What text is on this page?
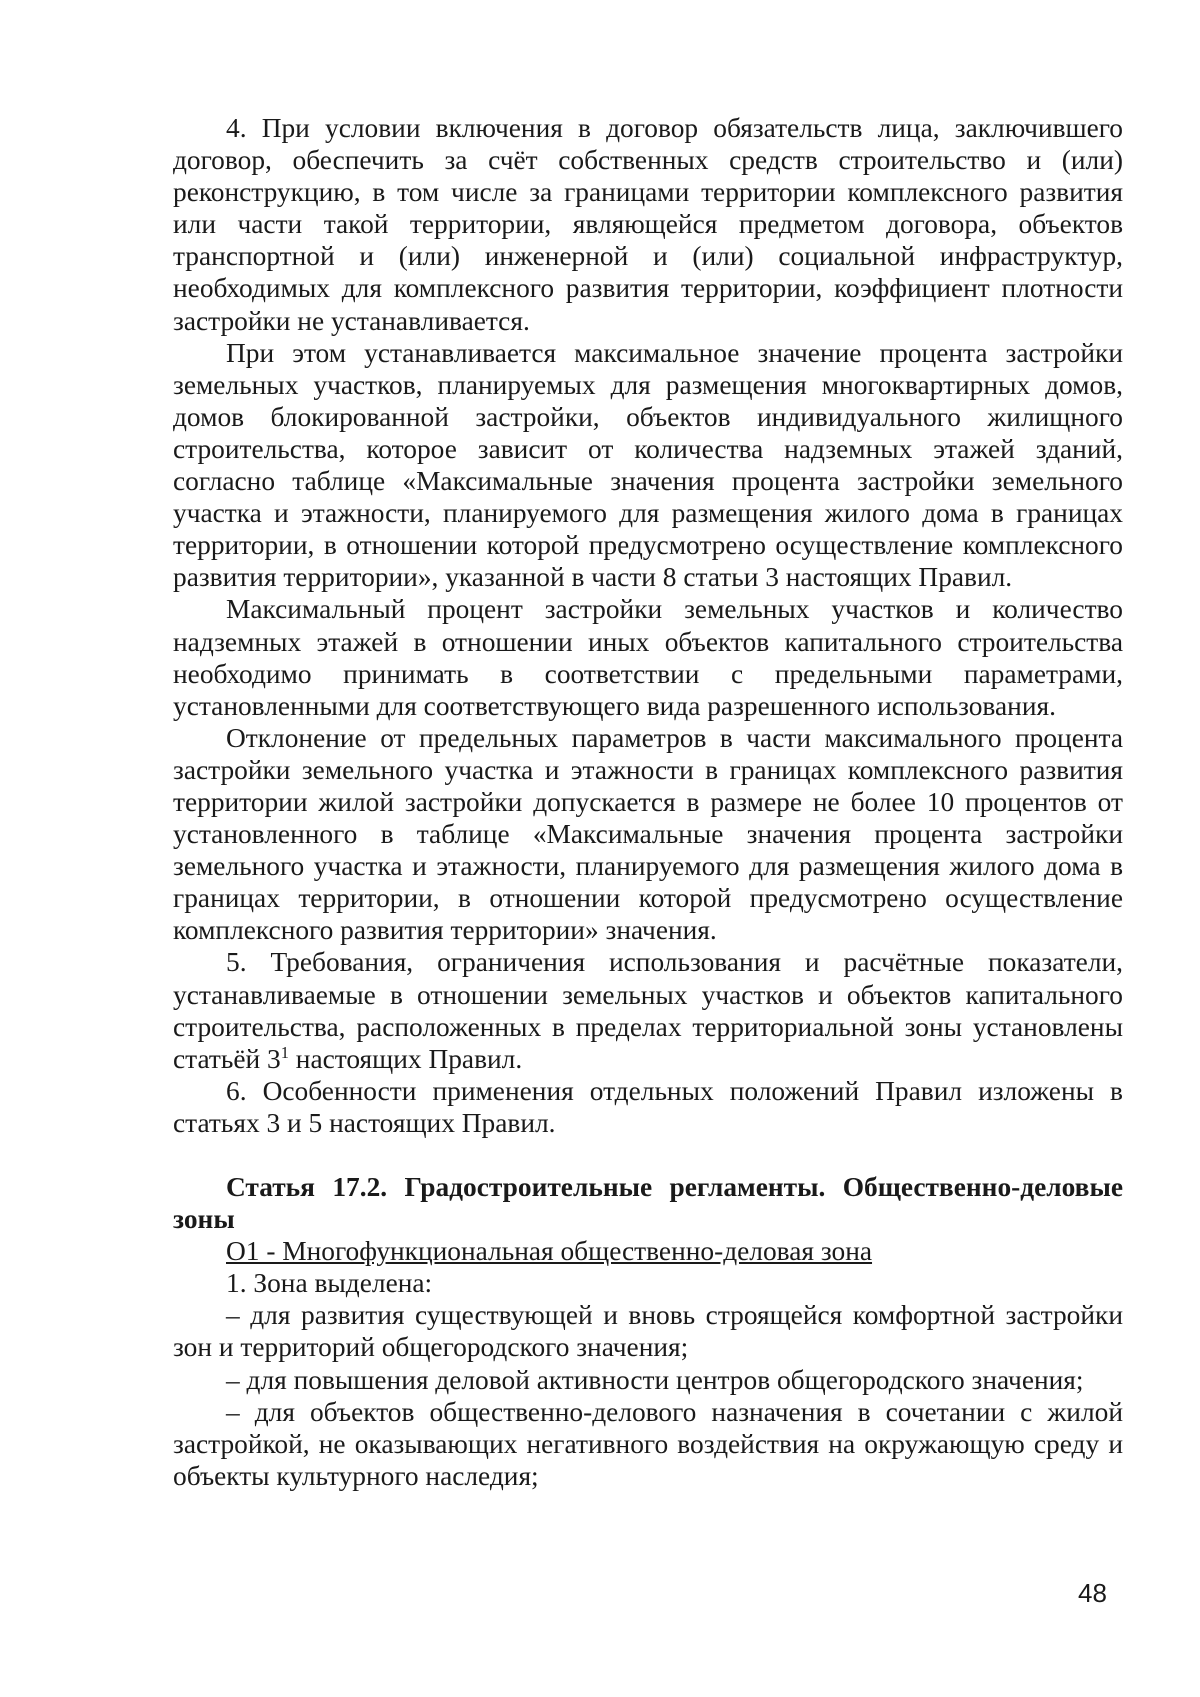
4. При условии включения в договор обязательств лица, заключившего договор, обеспечить за счёт собственных средств строительство и (или) реконструкцию, в том числе за границами территории комплексного развития или части такой территории, являющейся предметом договора, объектов транспортной и (или) инженерной и (или) социальной инфраструктур, необходимых для комплексного развития территории, коэффициент плотности застройки не устанавливается.

При этом устанавливается максимальное значение процента застройки земельных участков, планируемых для размещения многоквартирных домов, домов блокированной застройки, объектов индивидуального жилищного строительства, которое зависит от количества надземных этажей зданий, согласно таблице «Максимальные значения процента застройки земельного участка и этажности, планируемого для размещения жилого дома в границах территории, в отношении которой предусмотрено осуществление комплексного развития территории», указанной в части 8 статьи 3 настоящих Правил.

Максимальный процент застройки земельных участков и количество надземных этажей в отношении иных объектов капитального строительства необходимо принимать в соответствии с предельными параметрами, установленными для соответствующего вида разрешенного использования.

Отклонение от предельных параметров в части максимального процента застройки земельного участка и этажности в границах комплексного развития территории жилой застройки допускается в размере не более 10 процентов от установленного в таблице «Максимальные значения процента застройки земельного участка и этажности, планируемого для размещения жилого дома в границах территории, в отношении которой предусмотрено осуществление комплексного развития территории» значения.

5. Требования, ограничения использования и расчётные показатели, устанавливаемые в отношении земельных участков и объектов капитального строительства, расположенных в пределах территориальной зоны установлены статьёй $3^1$ настоящих Правил.

6. Особенности применения отдельных положений Правил изложены в статьях 3 и 5 настоящих Правил.

Статья 17.2. Градостроительные регламенты. Общественно-деловые зоны

О1 - Многофункциональная общественно-деловая зона

1. Зона выделена:

– для развития существующей и вновь строящейся комфортной застройки зон и территорий общегородского значения;

– для повышения деловой активности центров общегородского значения;

– для объектов общественно-делового назначения в сочетании с жилой застройкой, не оказывающих негативного воздействия на окружающую среду и объекты культурного наследия;

48
